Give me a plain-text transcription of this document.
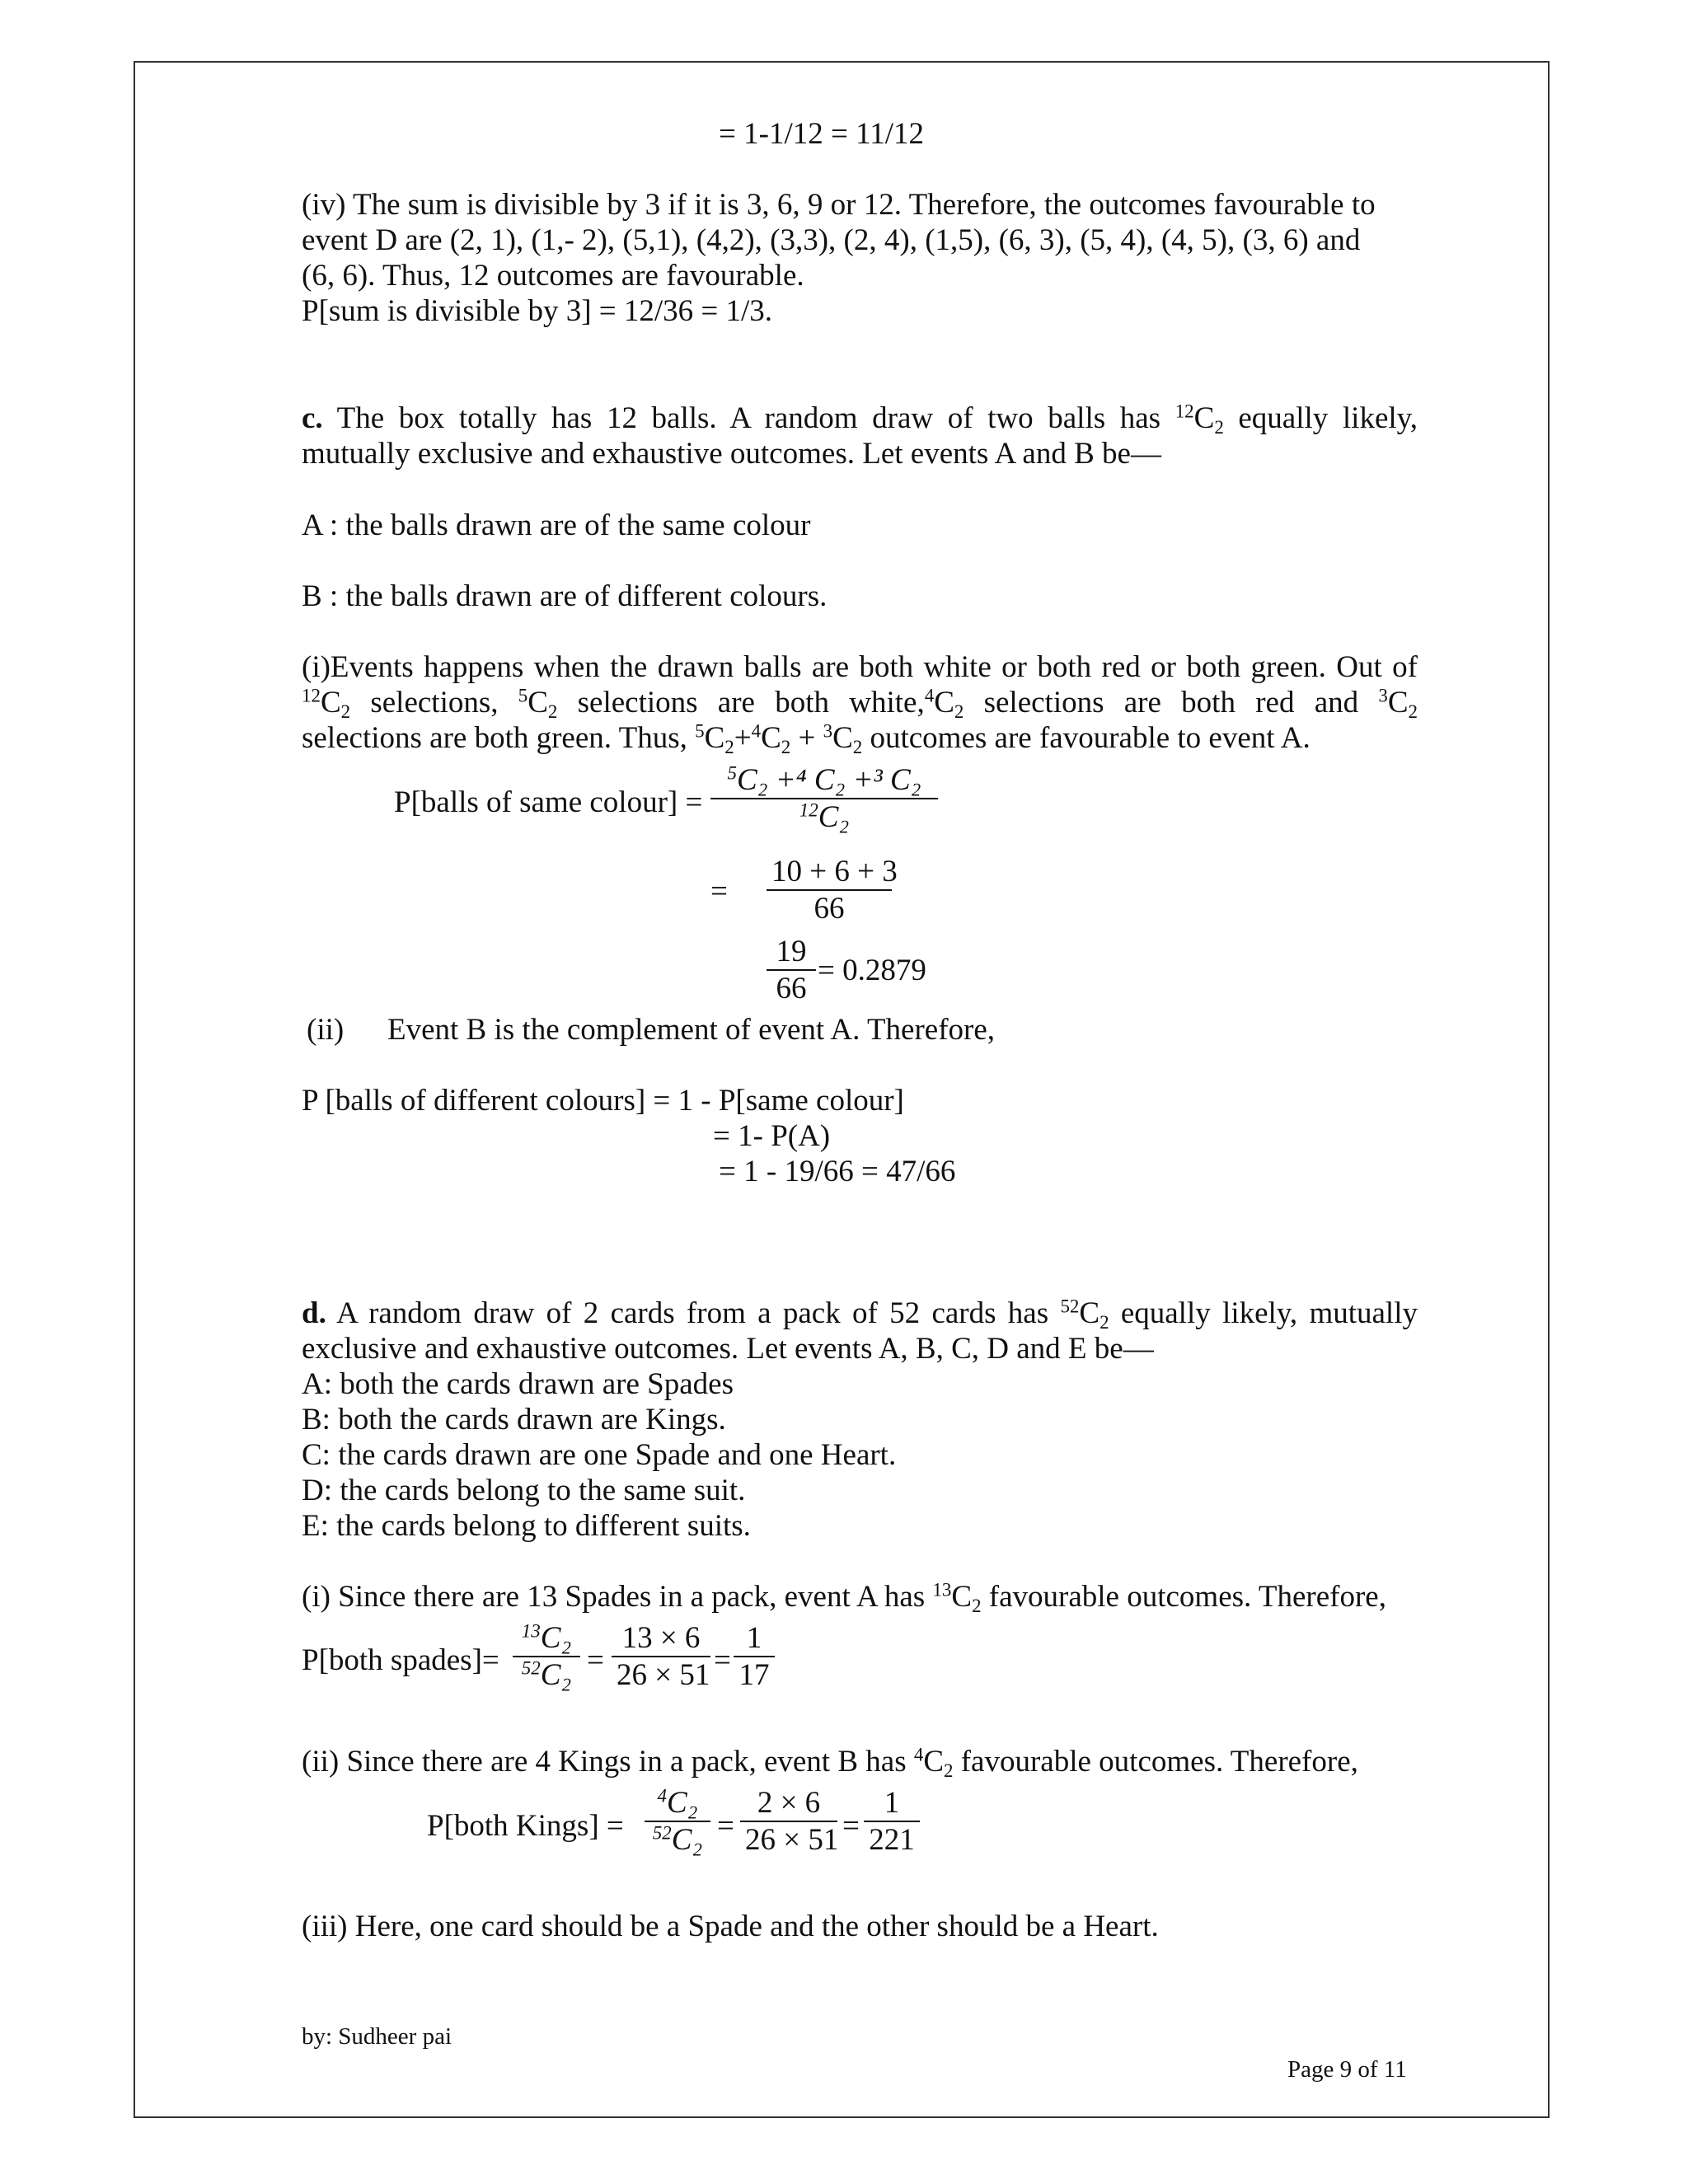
= 1-1/12 = 11/12
(iv) The sum is divisible by 3 if it is 3, 6, 9 or 12. Therefore, the outcomes favourable to
event D are (2, 1), (1,- 2), (5,1), (4,2), (3,3), (2, 4), (1,5), (6, 3), (5, 4), (4, 5), (3, 6) and
(6, 6). Thus, 12 outcomes are favourable.
P[sum is divisible by 3] = 12/36 = 1/3.
c. The box totally has 12 balls. A random draw of two balls has $^{12}C_2$ equally likely,
mutually exclusive and exhaustive outcomes. Let events A and B be—
A : the balls drawn are of the same colour
B : the balls drawn are of different colours.
(i)Events happens when the drawn balls are both white or both red or both green. Out of
$^{12}C_2$ selections, $^5C_2$ selections are both $white,^4C_2$ selections are both red and $^3C_2$
selections are both green. Thus, $^5C_2+^4C_2 + ^3C_2$ outcomes are favourable to event A.
P[balls of same colour] = $\frac{^5C_2 +^4 C_2 +^3 C_2}{^{12}C_2}$
= $\frac{10 + 6 + 3}{66}$
$\frac{19}{66} = 0.2879$
(ii) Event B is the complement of event A. Therefore,
P [balls of different colours] = 1 - P[same colour]
= 1- P(A)
= 1 - 19/66 = 47/66
d. A random draw of 2 cards from a pack of 52 cards has $^{52}C_2$ equally likely, mutually
exclusive and exhaustive outcomes. Let events A, B, C, D and E be—
A: both the cards drawn are Spades
B: both the cards drawn are Kings.
C: the cards drawn are one Spade and one Heart.
D: the cards belong to the same suit.
E: the cards belong to different suits.
(i) Since there are 13 Spades in a pack, event A has $^{13}C_2$ favourable outcomes. Therefore,
P[both spades]= $\frac{^{13}C_2}{^{52}C_2} = \frac{13 \times 6}{26 \times 51} = \frac{1}{17}$
(ii) Since there are 4 Kings in a pack, event B has $^4C_2$ favourable outcomes. Therefore,
P[both Kings] = $\frac{^4C_2}{^{52}C_2} = \frac{2 \times 6}{26 \times 51} = \frac{1}{221}$
(iii) Here, one card should be a Spade and the other should be a Heart.
by: Sudheer pai
Page 9 of 11
